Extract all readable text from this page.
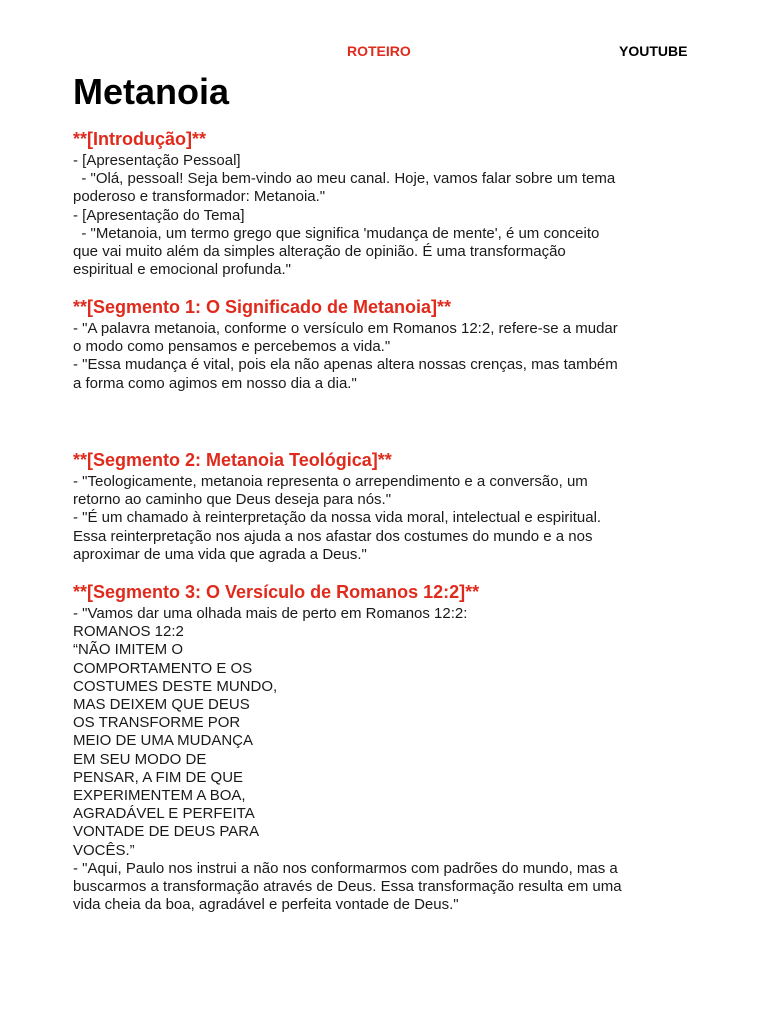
ROTEIRO	YOUTUBE
Metanoia
**[Introdução]**
- [Apresentação Pessoal]
- "Olá, pessoal! Seja bem-vindo ao meu canal. Hoje, vamos falar sobre um tema
poderoso e transformador: Metanoia."
- [Apresentação do Tema]
- "Metanoia, um termo grego que significa 'mudança de mente', é um conceito
que vai muito além da simples alteração de opinião. É uma transformação
espiritual e emocional profunda."
**[Segmento 1: O Significado de Metanoia]**
- "A palavra metanoia, conforme o versículo em Romanos 12:2, refere-se a mudar
o modo como pensamos e percebemos a vida."
- "Essa mudança é vital, pois ela não apenas altera nossas crenças, mas também
a forma como agimos em nosso dia a dia."
**[Segmento 2: Metanoia Teológica]**
- "Teologicamente, metanoia representa o arrependimento e a conversão, um
retorno ao caminho que Deus deseja para nós."
- "É um chamado à reinterpretação da nossa vida moral, intelectual e espiritual.
Essa reinterpretação nos ajuda a nos afastar dos costumes do mundo e a nos
aproximar de uma vida que agrada a Deus."
**[Segmento 3: O Versículo de Romanos 12:2]**
- "Vamos dar uma olhada mais de perto em Romanos 12:2:
ROMANOS 12:2
“NÃO IMITEM O
COMPORTAMENTO E OS
COSTUMES DESTE MUNDO,
MAS DEIXEM QUE DEUS
OS TRANSFORME POR
MEIO DE UMA MUDANÇA
EM SEU MODO DE
PENSAR, A FIM DE QUE
EXPERIMENTEM A BOA,
AGRADÁVEL E PERFEITA
VONTADE DE DEUS PARA
VOCÊS.”
- "Aqui, Paulo nos instrui a não nos conformarmos com padrões do mundo, mas a
buscarmos a transformação através de Deus. Essa transformação resulta em uma
vida cheia da boa, agradável e perfeita vontade de Deus."
